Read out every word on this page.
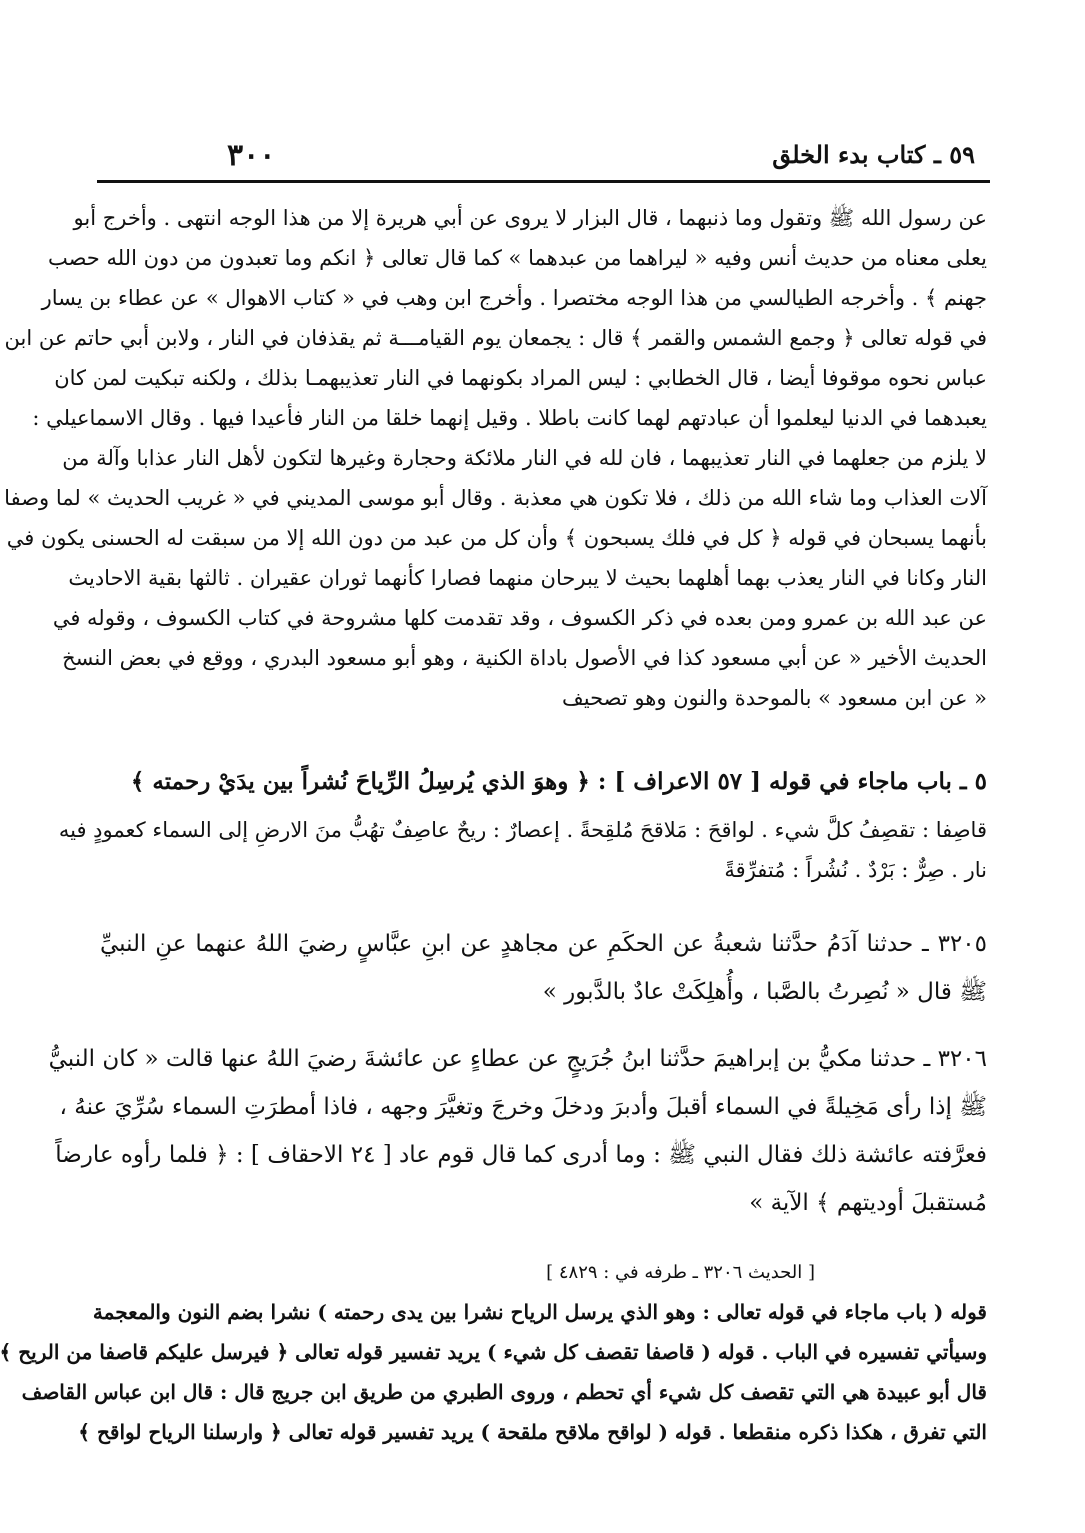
٣٠٠	٥٩ ـ كتاب بدء الخلق
عن رسول الله ﷺ وتقول وما ذنبهما ، قال البزار لا يروى عن أبي هريرة إلا من هذا الوجه انتهى . وأخرج أبو
يعلى معناه من حديث أنس وفيه « ليراهما من عبدهما » كما قال تعالى ﴿ انكم وما تعبدون من دون الله حصب
جهنم ﴾ . وأخرجه الطيالسي من هذا الوجه مختصرا . وأخرج ابن وهب في « كتاب الاهوال » عن عطاء بن يسار
في قوله تعالى ﴿ وجمع الشمس والقمر ﴾ قال : يجمعان يوم القيامـــة ثم يقذفان في النار ، ولابن أبي حاتم عن ابن
عباس نحوه موقوفا أيضا ، قال الخطابي : ليس المراد بكونهما في النار تعذيبهمـا بذلك ، ولكنه تبكيت لمن كان
يعبدهما في الدنيا ليعلموا أن عبادتهم لهما كانت باطلا . وقيل إنهما خلقا من النار فأعيدا فيها . وقال الاسماعيلي :
لا يلزم من جعلهما في النار تعذيبهما ، فان لله في النار ملائكة وحجارة وغيرها لتكون لأهل النار عذابا وآلة من
آلات العذاب وما شاء الله من ذلك ، فلا تكون هي معذبة . وقال أبو موسى المديني في « غريب الحديث » لما وصفا
بأنهما يسبحان في قوله ﴿ كل في فلك يسبحون ﴾ وأن كل من عبد من دون الله إلا من سبقت له الحسنى يكون في
النار وكانا في النار يعذب بهما أهلهما بحيث لا يبرحان منهما فصارا كأنهما ثوران عقيران . ثالثها بقية الاحاديث
عن عبد الله بن عمرو ومن بعده في ذكر الكسوف ، وقد تقدمت كلها مشروحة في كتاب الكسوف ، وقوله في
الحديث الأخير « عن أبي مسعود كذا في الأصول باداة الكنية ، وهو أبو مسعود البدري ، ووقع في بعض النسخ
« عن ابن مسعود » بالموحدة والنون وهو تصحيف
٥ ـ باب ماجاء في قوله [ ٥٧ الاعراف ] : ﴿ وهوَ الذي يُرسِلُ الرِّياحَ نُشراً بين يدَيْ رحمته ﴾
قاصِفا : تقصِفُ كلَّ شيء . لواقحَ : مَلاقحَ مُلقِحةً . إعصارٌ : ريحٌ عاصِفٌ تهُبُّ منَ الارضِ إلى السماء كعمودٍ فيه
نار . صِرٌّ : بَرْدٌ . نُشُراً : مُتفرِّقةً
٣٢٠٥ ـ حدثنا آدَمُ حدَّثنا شعبةُ عن الحكَمِ عن مجاهدٍ عن ابنِ عبَّاسٍ رضيَ اللهُ عنهما عنِ النبيِّ
ﷺ قال « نُصِرتُ بالصَّبا ، وأُهلِكَتْ عادٌ بالدَّبور »
٣٢٠٦ ـ حدثنا مكيُّ بن إبراهيمَ حدَّثنا ابنُ جُرَيجٍ عن عطاءٍ عن عائشةَ رضيَ اللهُ عنها قالت « كان النبيُّ
ﷺ إذا رأى مَخِيلةً في السماء أقبلَ وأدبرَ ودخلَ وخرجَ وتغيَّرَ وجهه ، فاذا أمطرَتِ السماء سُرِّيَ عنهُ ،
فعرَّفته عائشة ذلك فقال النبي ﷺ : وما أدرى كما قال قوم عاد [ ٢٤ الاحقاف ] : ﴿ فلما رأوه عارضاً
مُستقبلَ أوديتهم ﴾ الآية »
[ الحديث ٣٢٠٦ ـ طرفه في : ٤٨٢٩ ]
قوله ( باب ماجاء في قوله تعالى : وهو الذي يرسل الرياح نشرا بين يدى رحمته ) نشرا بضم النون والمعجمة
وسيأتي تفسيره في الباب . قوله ( قاصفا تقصف كل شيء ) يريد تفسير قوله تعالى ﴿ فيرسل عليكم قاصفا من الريح ﴾
قال أبو عبيدة هي التي تقصف كل شيء أي تحطم ، وروى الطبري من طريق ابن جريج قال : قال ابن عباس القاصف
التي تفرق ، هكذا ذكره منقطعا . قوله ( لواقح ملاقح ملقحة ) يريد تفسير قوله تعالى ﴿ وارسلنا الرياح لواقح ﴾
